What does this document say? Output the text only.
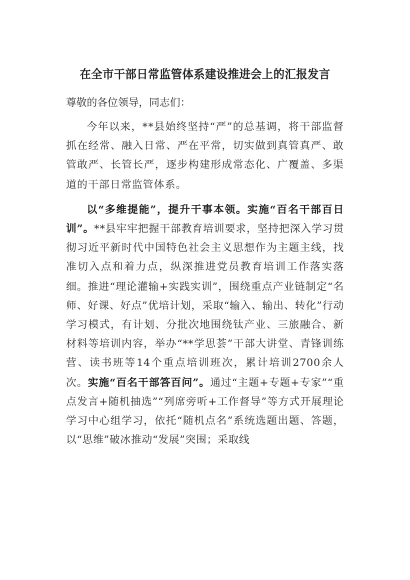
在全市干部日常监管体系建设推进会上的汇报发言
尊敬的各位领导，同志们：

今年以来，**县始终坚持“严”的总基调，将干部监督抓在经常、融入日常、严在平常，切实做到真管真严、敢管敢严、长管长严，逐步构建形成常态化、广覆盖、多渠道的干部日常监管体系。

以“多维提能”，提升干事本领。实施“百名干部百日训”。**县牢牢把握干部教育培训要求，坚持把深入学习贯彻习近平新时代中国特色社会主义思想作为主题主线，找准切入点和着力点，纵深推进党员教育培训工作落实落细。推进“理论灌输+实践实训”，围绕重点产业链制定“名师、好课、好点”优培计划，采取“输入、输出、转化”行动学习模式，有计划、分批次地围绕钛产业、三旅融合、新材料等培训内容，举办“**学思荟”干部大讲堂、青锋训练营、读书班等14个重点培训班次，累计培训2700余人次。实施“百名干部答百问”。通过“主题+专题+专家”“重点发言+随机抽选”“列席旁听+工作督导”等方式开展理论学习中心组学习，依托“随机点名”系统选题出题、答题，以“思维”破冰推动“发展”突围；采取线
